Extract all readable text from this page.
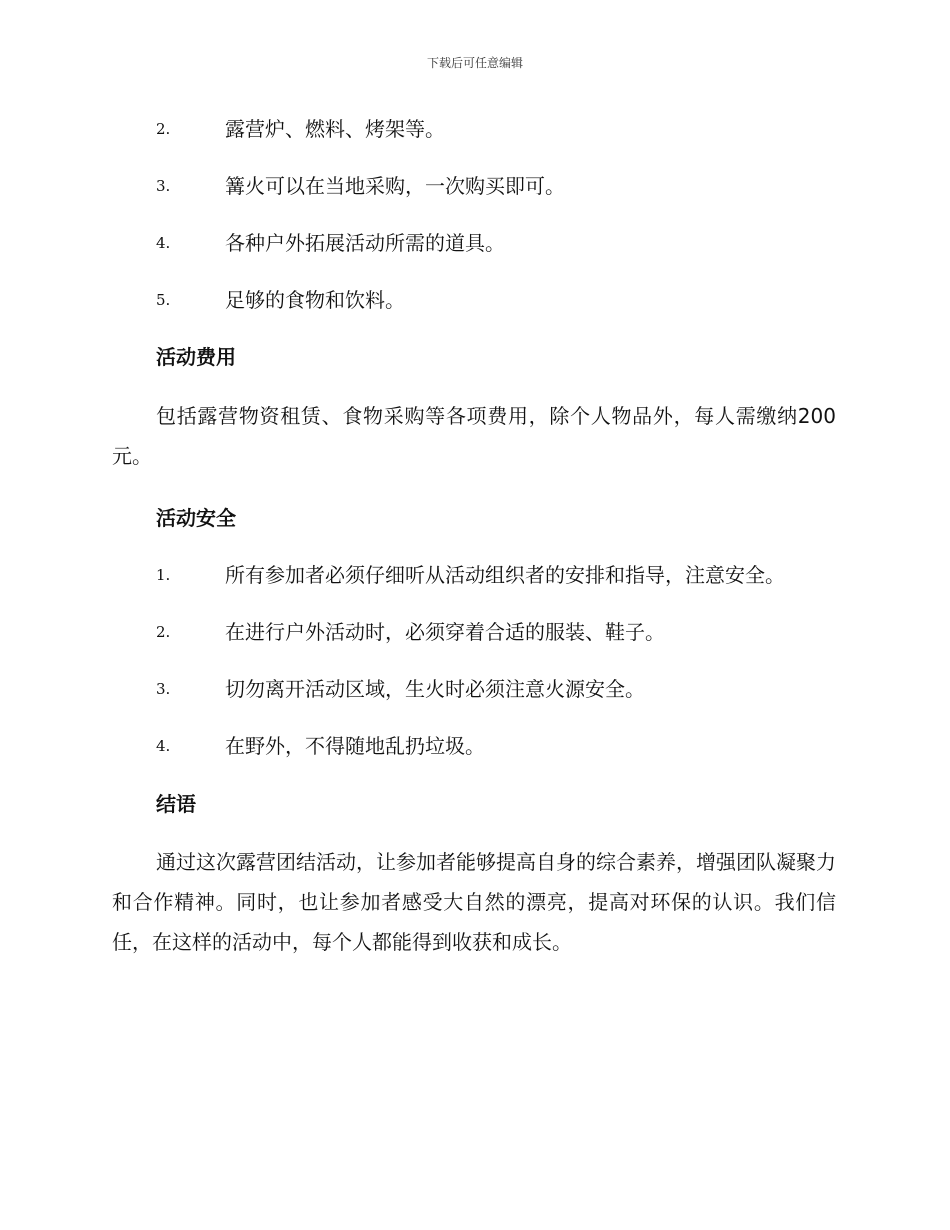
下载后可任意编辑
2.	露营炉、燃料、烤架等。
3.	篝火可以在当地采购，一次购买即可。
4.	各种户外拓展活动所需的道具。
5.	足够的食物和饮料。
活动费用
包括露营物资租赁、食物采购等各项费用，除个人物品外，每人需缴纳200元。
活动安全
1.	所有参加者必须仔细听从活动组织者的安排和指导，注意安全。
2.	在进行户外活动时，必须穿着合适的服装、鞋子。
3.	切勿离开活动区域，生火时必须注意火源安全。
4.	在野外，不得随地乱扔垃圾。
结语
通过这次露营团结活动，让参加者能够提高自身的综合素养，增强团队凝聚力和合作精神。同时，也让参加者感受大自然的漂亮，提高对环保的认识。我们信任，在这样的活动中，每个人都能得到收获和成长。
